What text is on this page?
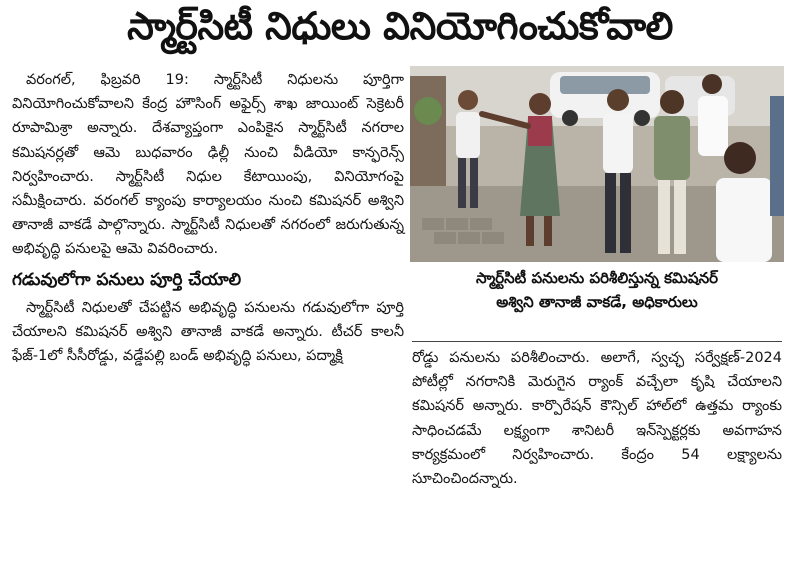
స్మార్ట్‌సిటీ నిధులు వినియోగించుకోవాలి

వరంగల్, ఫిబ్రవరి 19: స్మార్ట్‌సిటీ నిధులను పూర్తిగా వినియోగించుకోవాలని కేంద్ర హౌసింగ్ అఫైర్స్ శాఖ జాయింట్ సెక్రెటరీ రూపామిశ్రా అన్నారు. దేశవ్యాప్తంగా ఎంపికైన స్మార్ట్‌సిటీ నగరాల కమిషనర్లతో ఆమె బుధవారం ఢిల్లీ నుంచి వీడియో కాన్ఫరెన్స్ నిర్వహించారు. స్మార్ట్‌సిటీ నిధుల కేటాయింపు, వినియోగంపై సమీక్షించారు. వరంగల్ క్యాంపు కార్యాలయం నుంచి కమిషనర్ అశ్విని తానాజీ వాకడే పాల్గొన్నారు. స్మార్ట్‌సిటీ నిధులతో నగరంలో జరుగుతున్న అభివృద్ధి పనులపై ఆమె వివరించారు.

గడువులోగా పనులు పూర్తి చేయాలి

స్మార్ట్‌సిటీ నిధులతో చేపట్టిన అభివృద్ధి పనులను గడువులోగా పూర్తి చేయాలని కమిషనర్ అశ్విని తానాజీ వాకడే అన్నారు. టీచర్ కాలనీ ఫేజ్-1లో సీసీరోడ్డు, వడ్డేపల్లి బండ్ అభివృద్ధి పనులు, పద్మాక్షి

స్మార్ట్‌సిటీ పనులను పరిశీలిస్తున్న కమిషనర్
అశ్విని తానాజీ వాకడే, అధికారులు

రోడ్డు పనులను పరిశీలించారు. అలాగే, స్వచ్ఛ సర్వేక్షణ్-2024 పోటీల్లో నగరానికి మెరుగైన ర్యాంక్ వచ్చేలా కృషి చేయాలని కమిషనర్ అన్నారు. కార్పొరేషన్ కౌన్సిల్ హాల్‌లో ఉత్తమ ర్యాంకు సాధించడమే లక్ష్యంగా శానిటరీ ఇన్‌స్పెక్టర్లకు అవగాహన కార్యక్రమంలో నిర్వహించారు. కేంద్రం 54 లక్ష్యాలను సూచించిందన్నారు.
